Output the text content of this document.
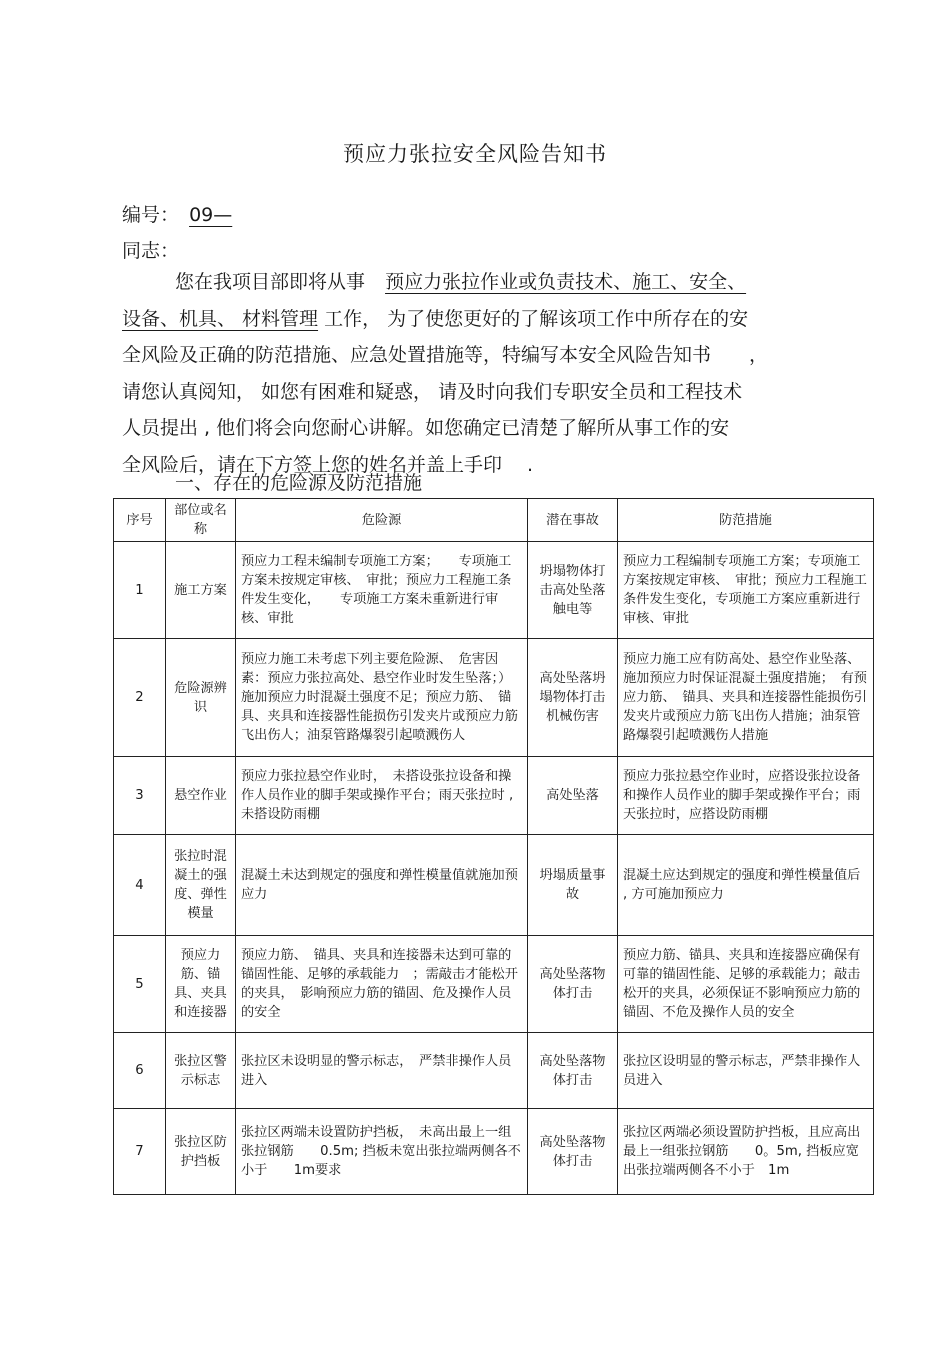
预应力张拉安全风险告知书
编号： 09—
同志：
您在我项目部即将从事 预应力张拉作业或负责技术、施工、安全、
设备、机具、 材料管理 工作， 为了使您更好的了解该项工作中所存在的安
全风险及正确的防范措施、应急处置措施等，特编写本安全风险告知书　　，
请您认真阅知， 如您有困难和疑惑， 请及时向我们专职安全员和工程技术
人员提出 , 他们将会向您耐心讲解。如您确定已清楚了解所从事工作的安
全风险后，请在下方签上您的姓名并盖上手印　 .
一、存在的危险源及防范措施
序号	部位或名称	危险源	潜在事故	防范措施
1	施工方案	预应力工程未编制专项施工方案；　　专项施工方案未按规定审核、　审批；预应力工程施工条件发生变化，　　专项施工方案未重新进行审核、审批	坍塌物体打击高处坠落触电等	预应力工程编制专项施工方案；专项施工方案按规定审核、　审批；预应力工程施工条件发生变化，专项施工方案应重新进行审核、审批
2	危险源辨识	预应力施工未考虑下列主要危险源、　危害因素：预应力张拉高处、悬空作业时发生坠落；）施加预应力时混凝土强度不足；预应力筋、　锚具、夹具和连接器性能损伤引发夹片或预应力筋飞出伤人；油泵管路爆裂引起喷溅伤人	高处坠落坍塌物体打击机械伤害	预应力施工应有防高处、悬空作业坠落、施加预应力时保证混凝土强度措施；　有预应力筋、　锚具、夹具和连接器性能损伤引发夹片或预应力筋飞出伤人措施；油泵管路爆裂引起喷溅伤人措施
3	悬空作业	预应力张拉悬空作业时，　未搭设张拉设备和操作人员作业的脚手架或操作平台；雨天张拉时 , 未搭设防雨棚	高处坠落	预应力张拉悬空作业时，应搭设张拉设备和操作人员作业的脚手架或操作平台；雨天张拉时，应搭设防雨棚
4	张拉时混凝土的强度、弹性模量	混凝土未达到规定的强度和弹性模量值就施加预应力	坍塌质量事故	混凝土应达到规定的强度和弹性模量值后 , 方可施加预应力
5	预应力筋、锚具、夹具和连接器	预应力筋、　锚具、夹具和连接器未达到可靠的锚固性能、足够的承载能力　；需敲击才能松开的夹具，　影响预应力筋的锚固、危及操作人员的安全	高处坠落物体打击	预应力筋、锚具、夹具和连接器应确保有可靠的锚固性能、足够的承载能力；敲击松开的夹具，必须保证不影响预应力筋的锚固、不危及操作人员的安全
6	张拉区警示标志	张拉区未设明显的警示标志，　严禁非操作人员进入	高处坠落物体打击	张拉区设明显的警示标志，严禁非操作人员进入
7	张拉区防护挡板	张拉区两端未设置防护挡板，　未高出最上一组张拉钢筋　　0.5m; 挡板未宽出张拉端两侧各不小于　　1m要求	高处坠落物体打击	张拉区两端必须设置防护挡板，且应高出最上一组张拉钢筋　　0。5m, 挡板应宽出张拉端两侧各不小于　1m
